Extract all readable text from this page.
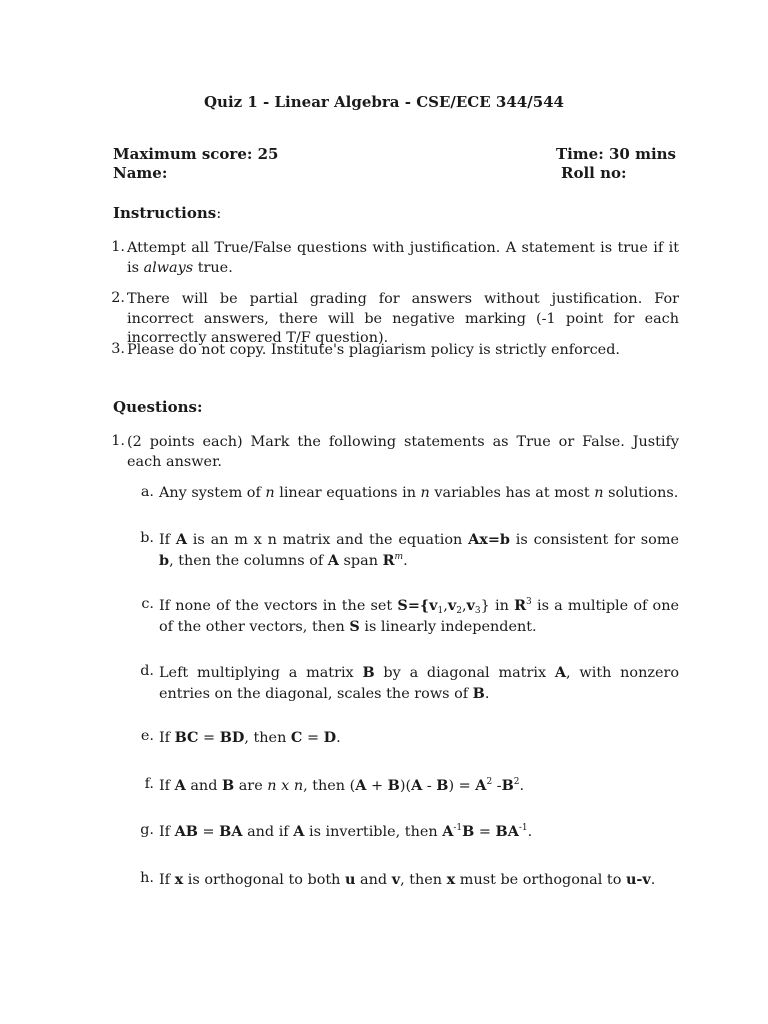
Quiz 1 - Linear Algebra - CSE/ECE 344/544
Maximum score: 25	Time: 30 mins
Name:	Roll no:
Instructions:
1. Attempt all True/False questions with justification. A statement is true if it is always true.
2. There will be partial grading for answers without justification. For incorrect answers, there will be negative marking (-1 point for each incorrectly answered T/F question).
3. Please do not copy. Institute's plagiarism policy is strictly enforced.
Questions:
1. (2 points each) Mark the following statements as True or False. Justify each answer.
a. Any system of n linear equations in n variables has at most n solutions.
b. If A is an m x n matrix and the equation Ax=b is consistent for some b, then the columns of A span $R^m$.
c. If none of the vectors in the set $S=\{v_1,v_2,v_3\}$ in $R^3$ is a multiple of one of the other vectors, then S is linearly independent.
d. Left multiplying a matrix B by a diagonal matrix A, with nonzero entries on the diagonal, scales the rows of B.
e. If BC = BD, then C = D.
f. If A and B are n x n, then $(A + B)(A - B) = A^2$ $-B^2$.
g. If AB = BA and if A is invertible, then $A^{-1}B = BA^{-1}$.
h. If x is orthogonal to both u and v, then x must be orthogonal to u-v.
